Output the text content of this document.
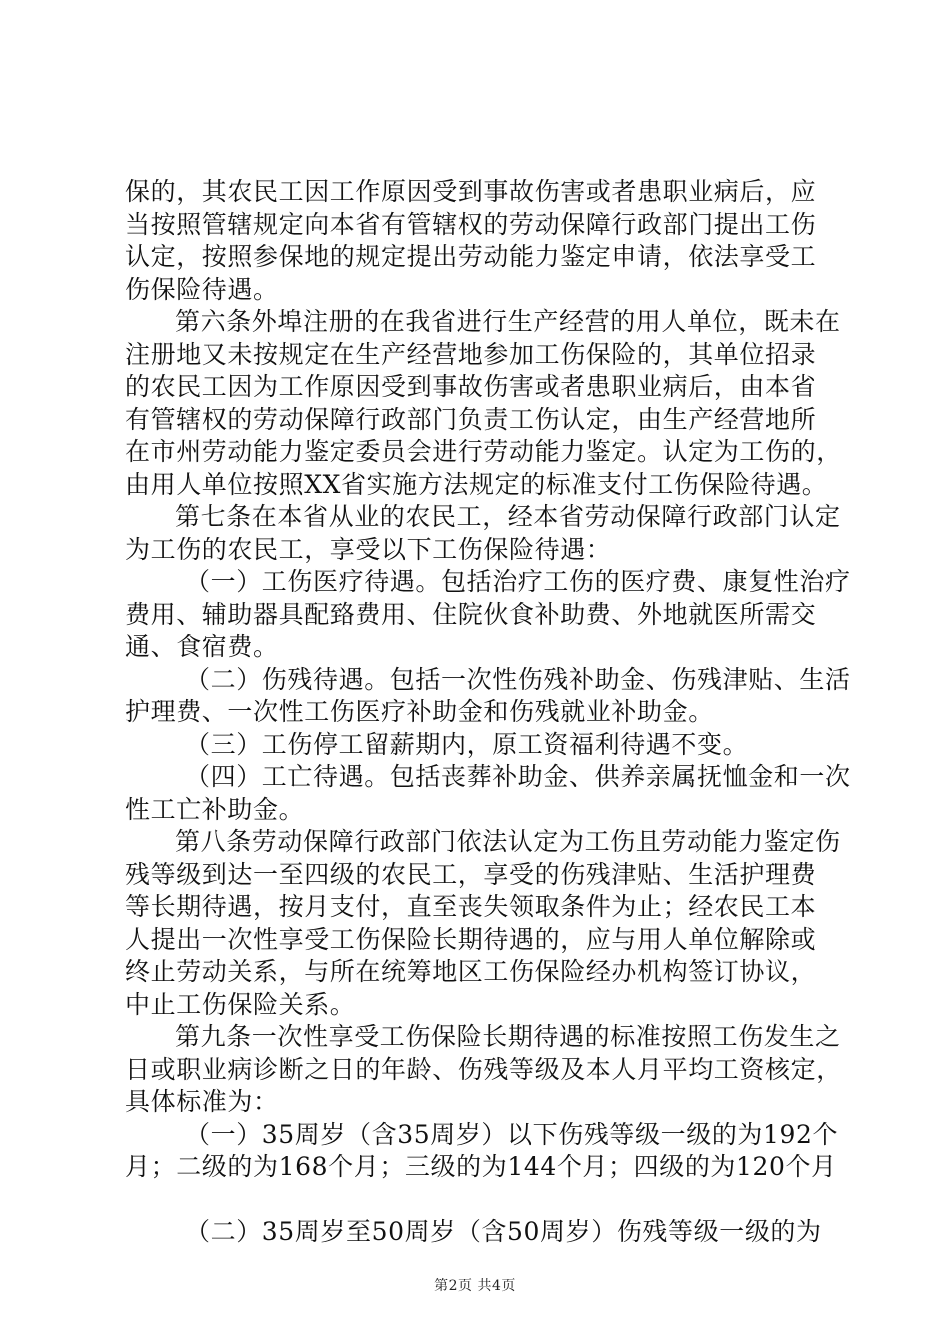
保的，其农民工因工作原因受到事故伤害或者患职业病后，应
当按照管辖规定向本省有管辖权的劳动保障行政部门提出工伤
认定，按照参保地的规定提出劳动能力鉴定申请，依法享受工
伤保险待遇。
第六条外埠注册的在我省进行生产经营的用人单位，既未在
注册地又未按规定在生产经营地参加工伤保险的，其单位招录
的农民工因为工作原因受到事故伤害或者患职业病后，由本省
有管辖权的劳动保障行政部门负责工伤认定，由生产经营地所
在市州劳动能力鉴定委员会进行劳动能力鉴定。认定为工伤的，
由用人单位按照XX省实施方法规定的标准支付工伤保险待遇。
第七条在本省从业的农民工，经本省劳动保障行政部门认定
为工伤的农民工，享受以下工伤保险待遇：
（一）工伤医疗待遇。包括治疗工伤的医疗费、康复性治疗
费用、辅助器具配臵费用、住院伙食补助费、外地就医所需交
通、食宿费。
（二）伤残待遇。包括一次性伤残补助金、伤残津贴、生活
护理费、一次性工伤医疗补助金和伤残就业补助金。
（三）工伤停工留薪期内，原工资福利待遇不变。
（四）工亡待遇。包括丧葬补助金、供养亲属抚恤金和一次
性工亡补助金。
第八条劳动保障行政部门依法认定为工伤且劳动能力鉴定伤
残等级到达一至四级的农民工，享受的伤残津贴、生活护理费
等长期待遇，按月支付，直至丧失领取条件为止；经农民工本
人提出一次性享受工伤保险长期待遇的，应与用人单位解除或
终止劳动关系，与所在统筹地区工伤保险经办机构签订协议，
中止工伤保险关系。
第九条一次性享受工伤保险长期待遇的标准按照工伤发生之
日或职业病诊断之日的年龄、伤残等级及本人月平均工资核定，
具体标准为：
（一）35周岁（含35周岁）以下伤残等级一级的为192个
月；二级的为168个月；三级的为144个月；四级的为120个月
（二）35周岁至50周岁（含50周岁）伤残等级一级的为
第2页 共4页
